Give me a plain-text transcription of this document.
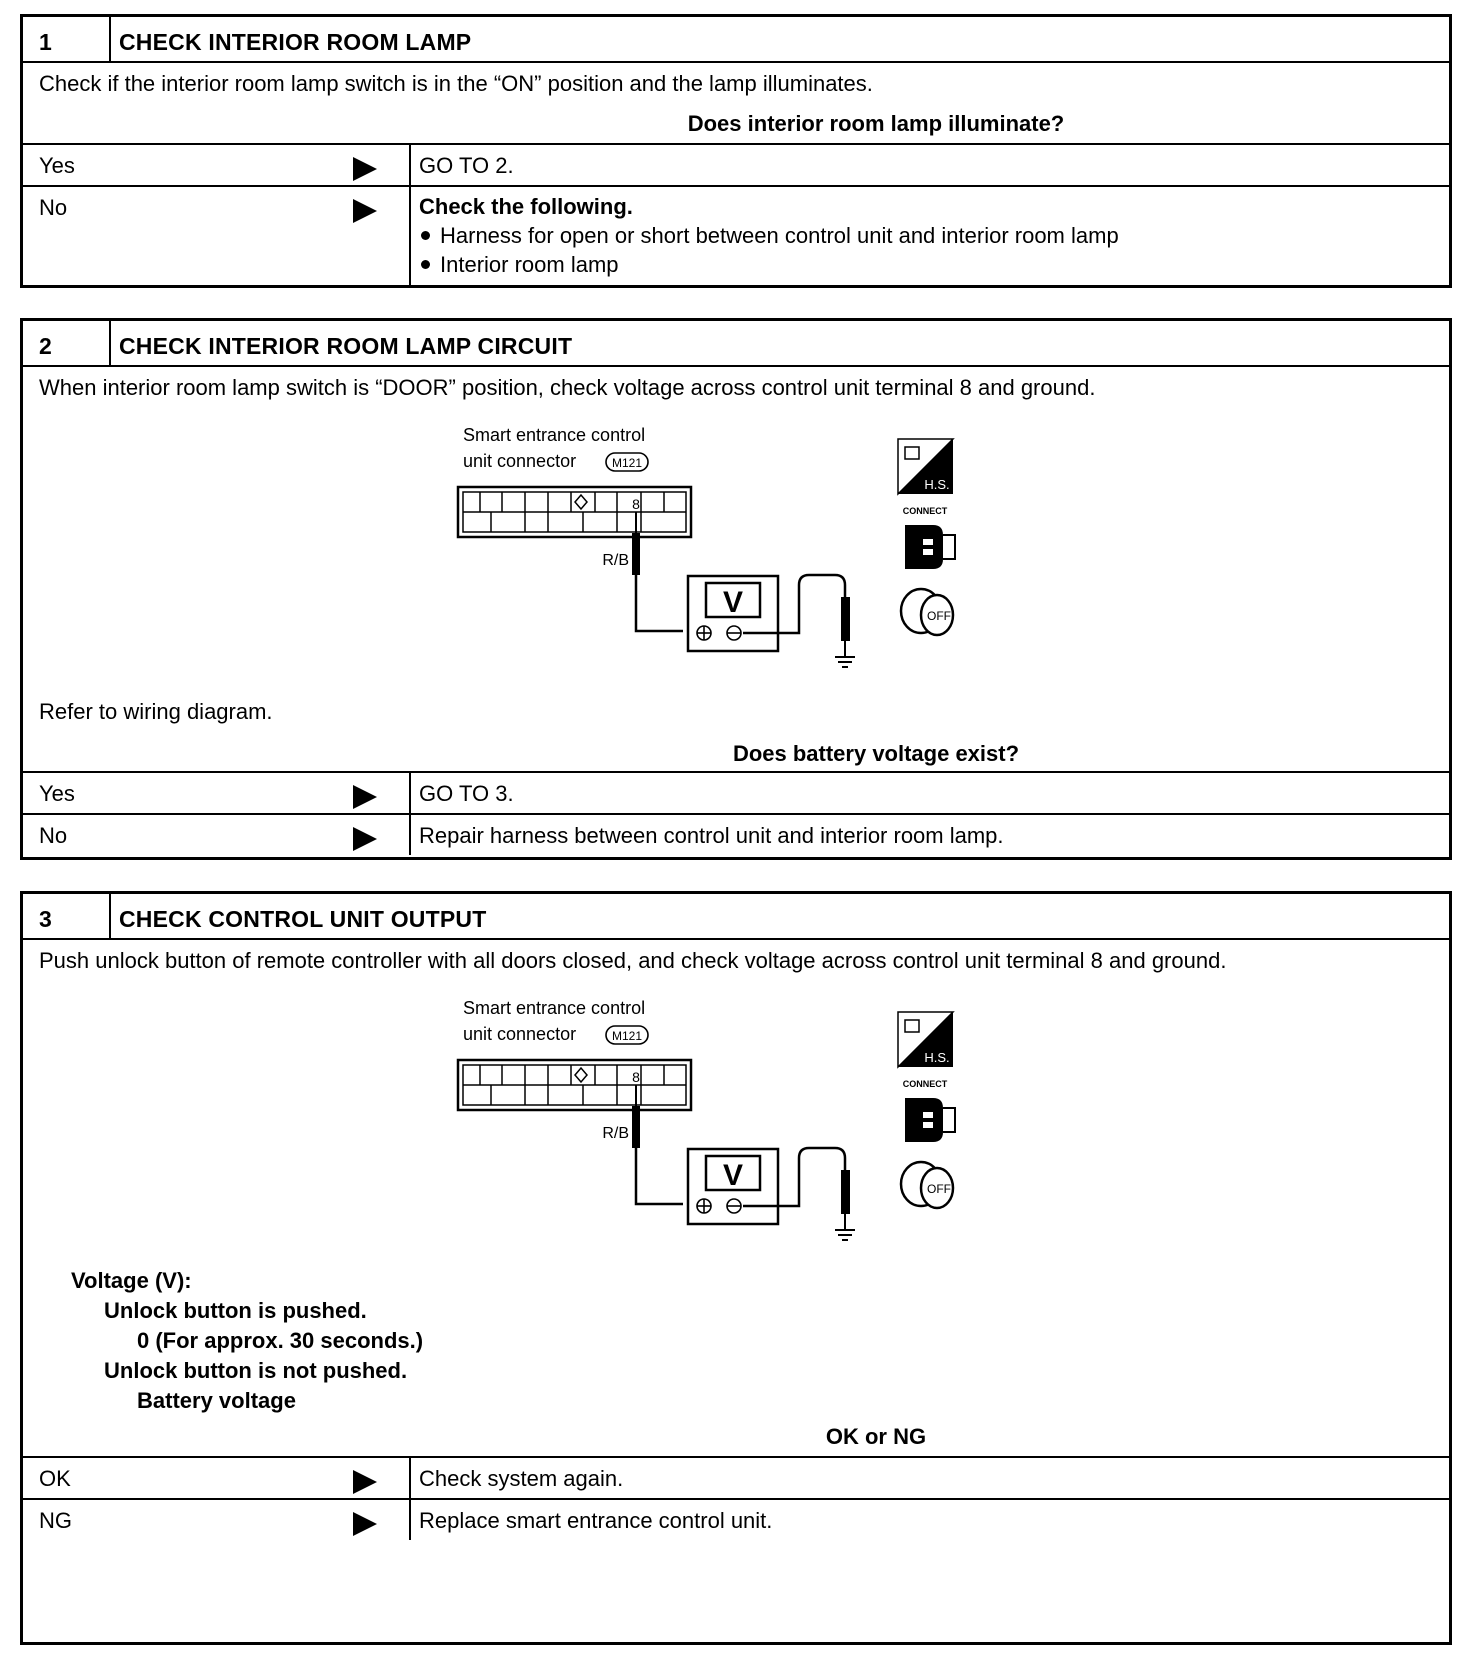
1	CHECK INTERIOR ROOM LAMP
Check if the interior room lamp switch is in the “ON” position and the lamp illuminates.
Does interior room lamp illuminate?
Yes	GO TO 2.
No	Check the following.
Harness for open or short between control unit and interior room lamp
Interior room lamp
2	CHECK INTERIOR ROOM LAMP CIRCUIT
When interior room lamp switch is “DOOR” position, check voltage across control unit terminal 8 and ground.
Smart entrance control
unit connector	M121
8
R/B
V
H.S.
CONNECT
OFF
Refer to wiring diagram.
Does battery voltage exist?
Yes	GO TO 3.
No	Repair harness between control unit and interior room lamp.
3	CHECK CONTROL UNIT OUTPUT
Push unlock button of remote controller with all doors closed, and check voltage across control unit terminal 8 and ground.
Smart entrance control
unit connector	M121
8
R/B
V
H.S.
CONNECT
OFF
Voltage (V):
Unlock button is pushed.
0 (For approx. 30 seconds.)
Unlock button is not pushed.
Battery voltage
OK or NG
OK	Check system again.
NG	Replace smart entrance control unit.
